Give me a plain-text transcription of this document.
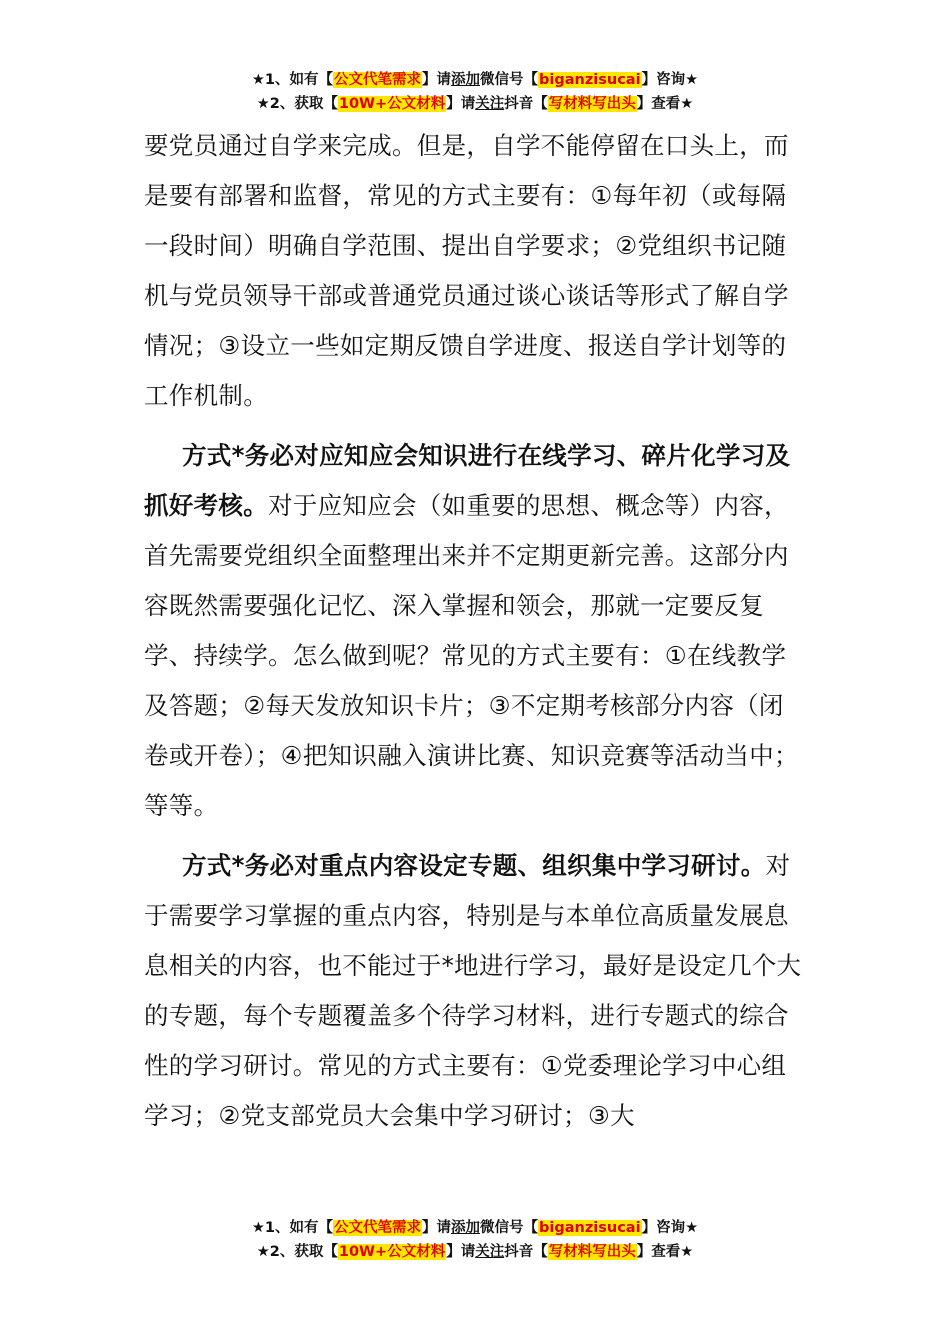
★1、如有【公文代笔需求】请添加微信号【biganzisucai】咨询★
★2、获取【10W+公文材料】请关注抖音【写材料写出头】查看★

要党员通过自学来完成。但是，自学不能停留在口头上，而是要有部署和监督，常见的方式主要有：①每年初（或每隔一段时间）明确自学范围、提出自学要求；②党组织书记随机与党员领导干部或普通党员通过谈心谈话等形式了解自学情况；③设立一些如定期反馈自学进度、报送自学计划等的工作机制。

方式*务必对应知应会知识进行在线学习、碎片化学习及抓好考核。对于应知应会（如重要的思想、概念等）内容，首先需要党组织全面整理出来并不定期更新完善。这部分内容既然需要强化记忆、深入掌握和领会，那就一定要反复学、持续学。怎么做到呢？常见的方式主要有：①在线教学及答题；②每天发放知识卡片；③不定期考核部分内容（闭卷或开卷）；④把知识融入演讲比赛、知识竞赛等活动当中；等等。

方式*务必对重点内容设定专题、组织集中学习研讨。对于需要学习掌握的重点内容，特别是与本单位高质量发展息息相关的内容，也不能过于*地进行学习，最好是设定几个大的专题，每个专题覆盖多个待学习材料，进行专题式的综合性的学习研讨。常见的方式主要有：①党委理论学习中心组学习；②党支部党员大会集中学习研讨；③大

★1、如有【公文代笔需求】请添加微信号【biganzisucai】咨询★
★2、获取【10W+公文材料】请关注抖音【写材料写出头】查看★
